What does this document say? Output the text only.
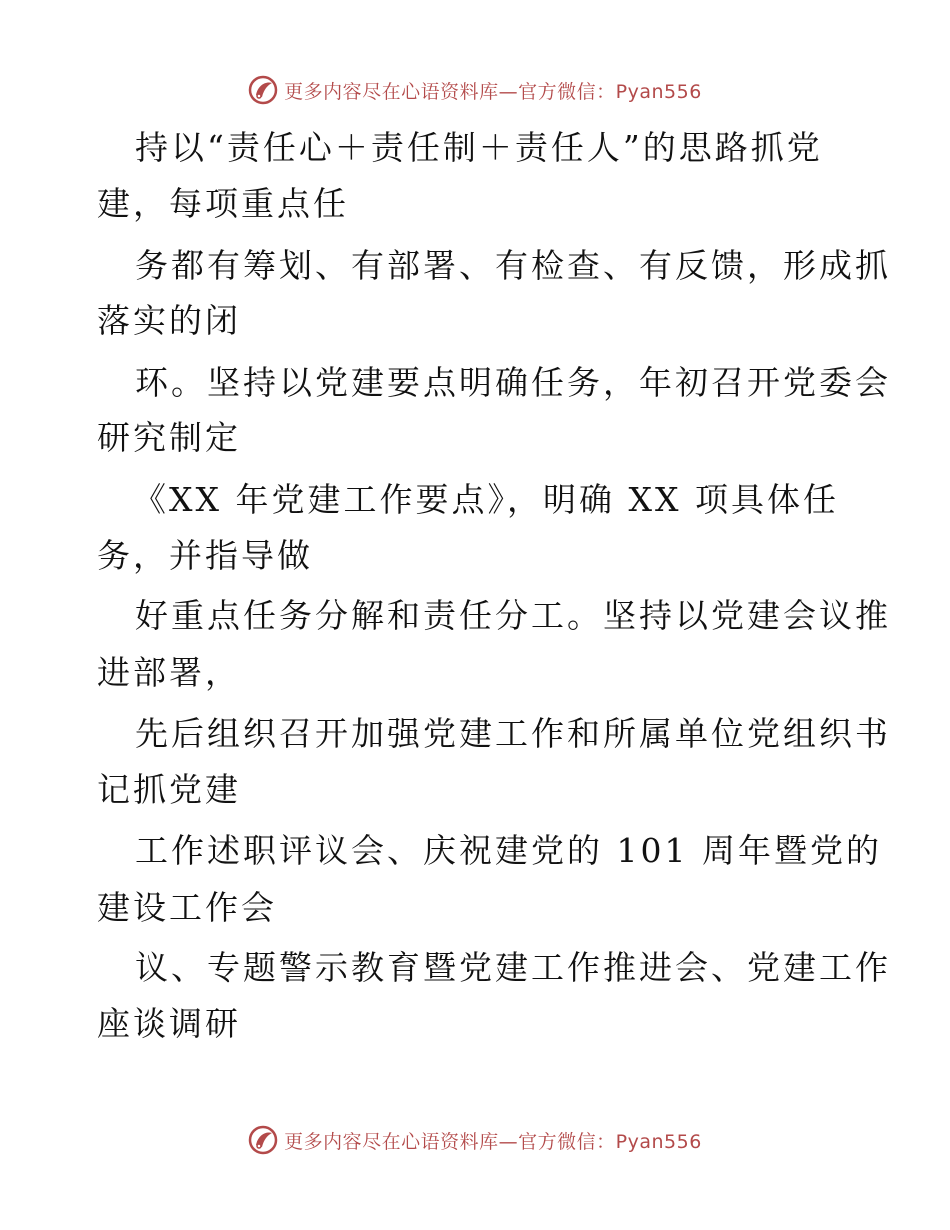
更多内容尽在心语资料库—官方微信：Pyan556
持以“责任心＋责任制＋责任人”的思路抓党
建，每项重点任
务都有筹划、有部署、有检查、有反馈，形成抓
落实的闭
环。坚持以党建要点明确任务，年初召开党委会
研究制定
《XX 年党建工作要点》，明确 XX 项具体任
务，并指导做
好重点任务分解和责任分工。坚持以党建会议推
进部署，
先后组织召开加强党建工作和所属单位党组织书
记抓党建
工作述职评议会、庆祝建党的 101 周年暨党的
建设工作会
议、专题警示教育暨党建工作推进会、党建工作
座谈调研
更多内容尽在心语资料库—官方微信：Pyan556
